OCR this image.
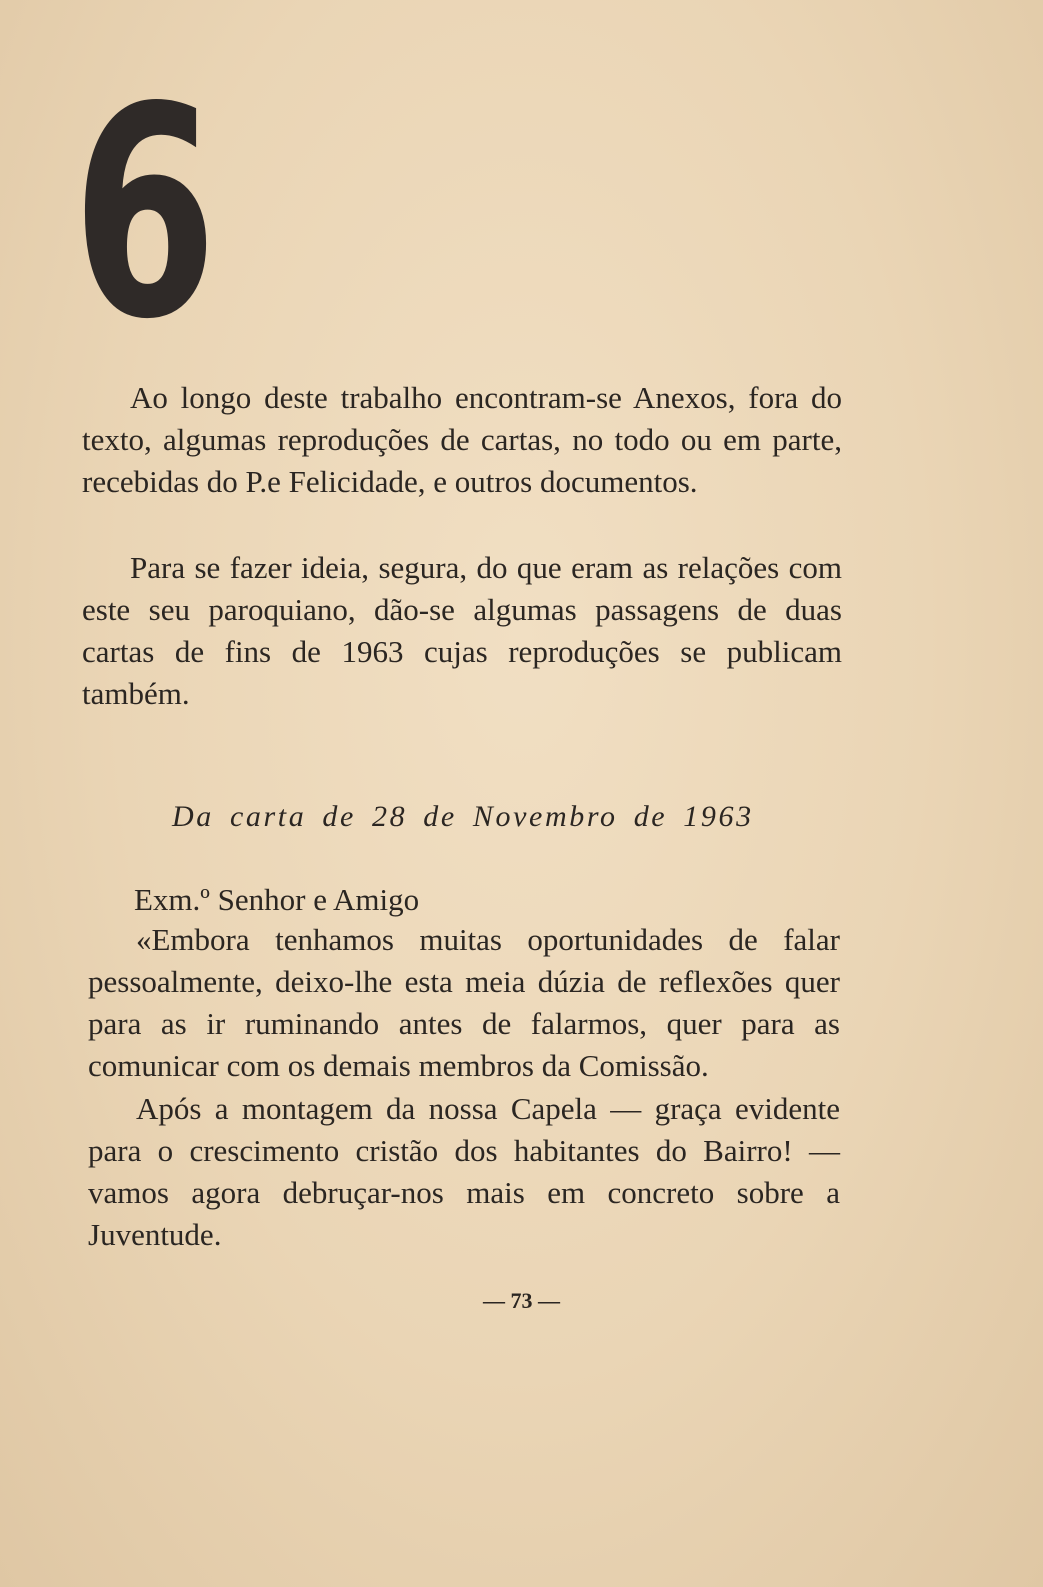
6

Ao longo deste trabalho encontram-se Anexos, fora do texto, algumas reproduções de cartas, no todo ou em parte, recebidas do P.e Felicidade, e outros documentos.

Para se fazer ideia, segura, do que eram as relações com este seu paroquiano, dão-se algumas passagens de duas cartas de fins de 1963 cujas reproduções se publicam também.

Da carta de 28 de Novembro de 1963
Exm.º Senhor e Amigo

«Embora tenhamos muitas oportunidades de falar pessoalmente, deixo-lhe esta meia dúzia de reflexões quer para as ir ruminando antes de falarmos, quer para as comunicar com os demais membros da Comissão.

Após a montagem da nossa Capela — graça evidente para o crescimento cristão dos habitantes do Bairro! — vamos agora debruçar-nos mais em concreto sobre a Juventude.

— 73 —
